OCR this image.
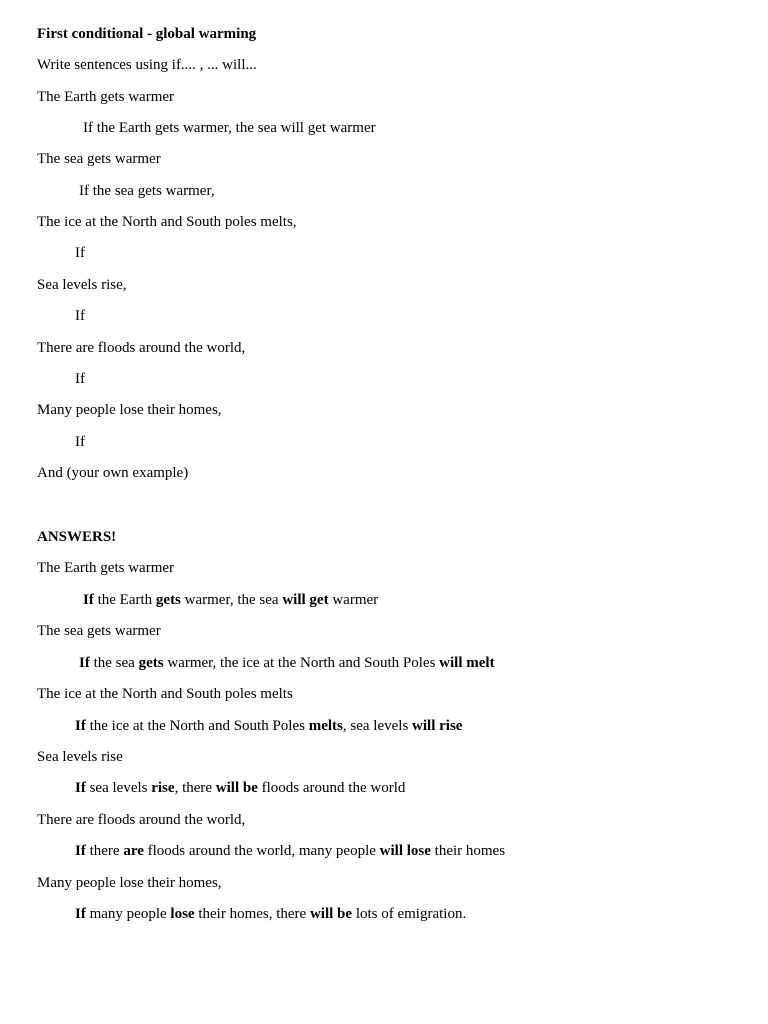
First conditional - global warming
Write sentences using if.... , ... will...
The Earth gets warmer
If the Earth gets warmer, the sea will get warmer
The sea gets warmer
If the sea gets warmer,
The ice at the North and South poles melts,
If
Sea levels rise,
If
There are floods around the world,
If
Many people lose their homes,
If
And (your own example)
ANSWERS!
The Earth gets warmer
If the Earth gets warmer, the sea will get warmer
The sea gets warmer
If the sea gets warmer, the ice at the North and South Poles will melt
The ice at the North and South poles melts
If the ice at the North and South Poles melts, sea levels will rise
Sea levels rise
If sea levels rise, there will be floods around the world
There are floods around the world,
If there are floods around the world, many people will lose their homes
Many people lose their homes,
If many people lose their homes, there will be lots of emigration.
